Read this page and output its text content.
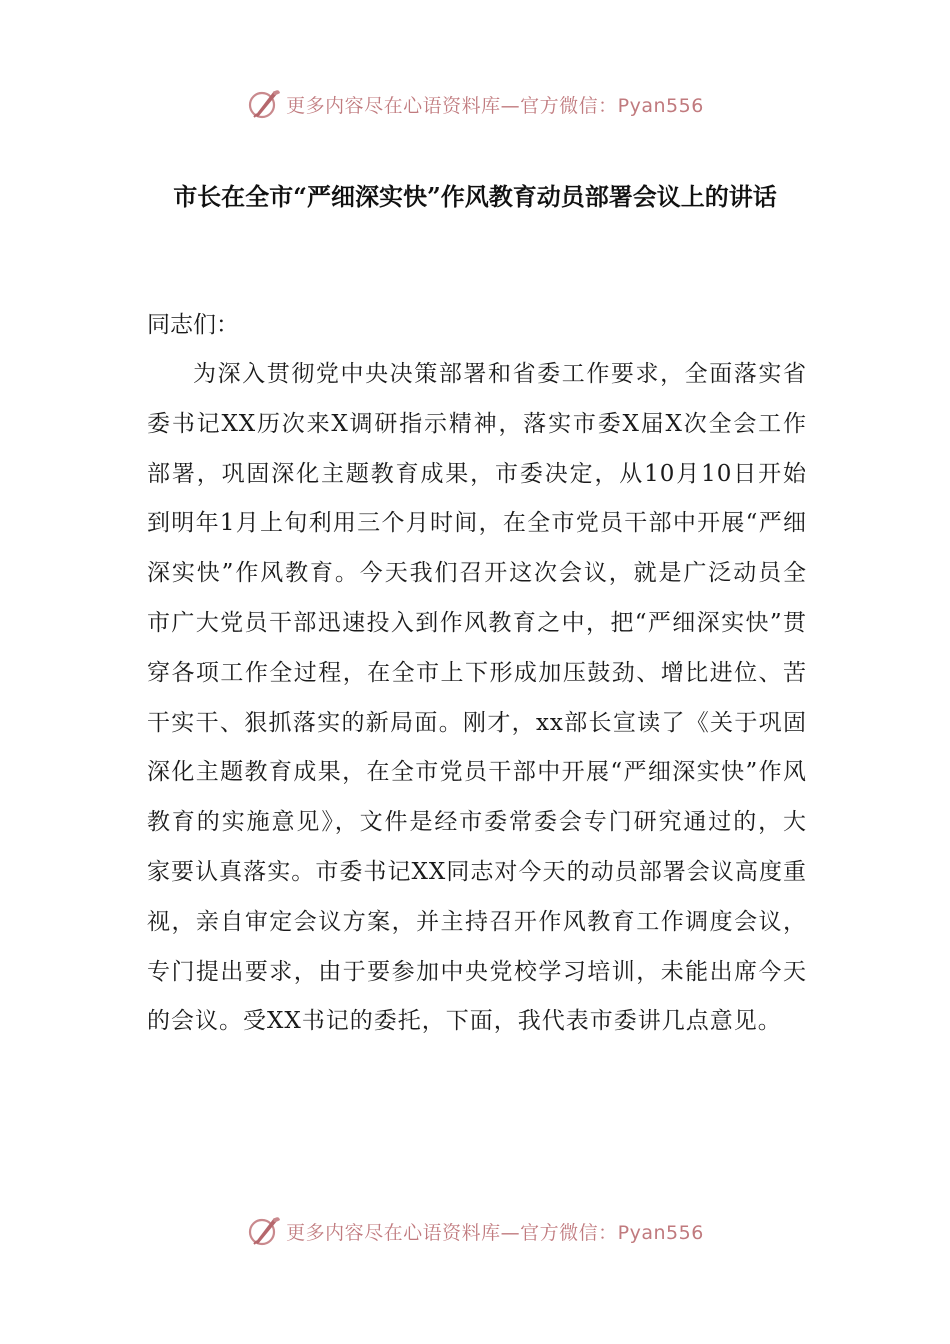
更多内容尽在心语资料库—官方微信：Pyan556
市长在全市“严细深实快”作风教育动员部署会议上的讲话

同志们：

为深入贯彻党中央决策部署和省委工作要求，全面落实省委书记XX历次来X调研指示精神，落实市委X届X次全会工作部署，巩固深化主题教育成果，市委决定，从10月10日开始到明年1月上旬利用三个月时间，在全市党员干部中开展“严细深实快”作风教育。今天我们召开这次会议，就是广泛动员全市广大党员干部迅速投入到作风教育之中，把“严细深实快”贯穿各项工作全过程，在全市上下形成加压鼓劲、增比进位、苦干实干、狠抓落实的新局面。刚才，xx部长宣读了《关于巩固深化主题教育成果，在全市党员干部中开展“严细深实快”作风教育的实施意见》，文件是经市委常委会专门研究通过的，大家要认真落实。市委书记XX同志对今天的动员部署会议高度重视，亲自审定会议方案，并主持召开作风教育工作调度会议，专门提出要求，由于要参加中央党校学习培训，未能出席今天的会议。受XX书记的委托，下面，我代表市委讲几点意见。

更多内容尽在心语资料库—官方微信：Pyan556
